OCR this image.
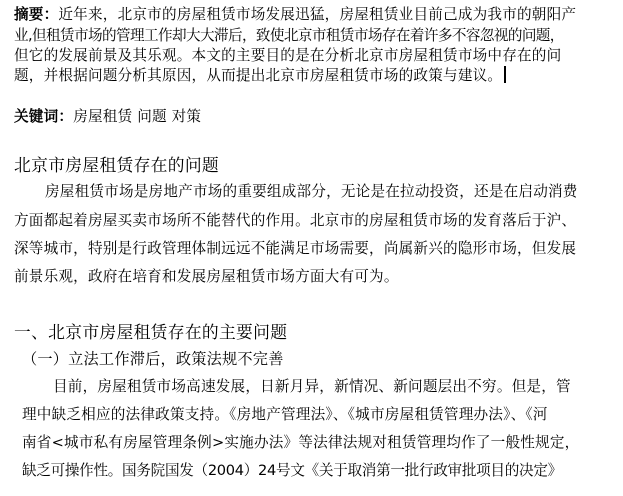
摘要：近年来，北京市的房屋租赁市场发展迅猛，房屋租赁业目前己成为我市的朝阳产
业,但租赁市场的管理工作却大大滞后，致使北京市租赁市场存在着许多不容忽视的问题，
但它的发展前景及其乐观。本文的主要目的是在分析北京市房屋租赁市场中存在的问
题，并根据问题分析其原因，从而提出北京市房屋租赁市场的政策与建议。
关键词：房屋租赁 问题 对策
北京市房屋租赁存在的问题
房屋租赁市场是房地产市场的重要组成部分，无论是在拉动投资，还是在启动消费
方面都起着房屋买卖市场所不能替代的作用。北京市的房屋租赁市场的发育落后于沪、
深等城市，特别是行政管理体制远远不能满足市场需要，尚属新兴的隐形市场，但发展
前景乐观，政府在培育和发展房屋租赁市场方面大有可为。
一、北京市房屋租赁存在的主要问题
（一）立法工作滞后，政策法规不完善
目前，房屋租赁市场高速发展，日新月异，新情况、新问题层出不穷。但是，管
理中缺乏相应的法律政策支持。《房地产管理法》、《城市房屋租赁管理办法》、《河
南省<城市私有房屋管理条例>实施办法》等法律法规对租赁管理均作了一般性规定，
缺乏可操作性。国务院国发（2004）24号文《关于取消第一批行政审批项目的决定》
